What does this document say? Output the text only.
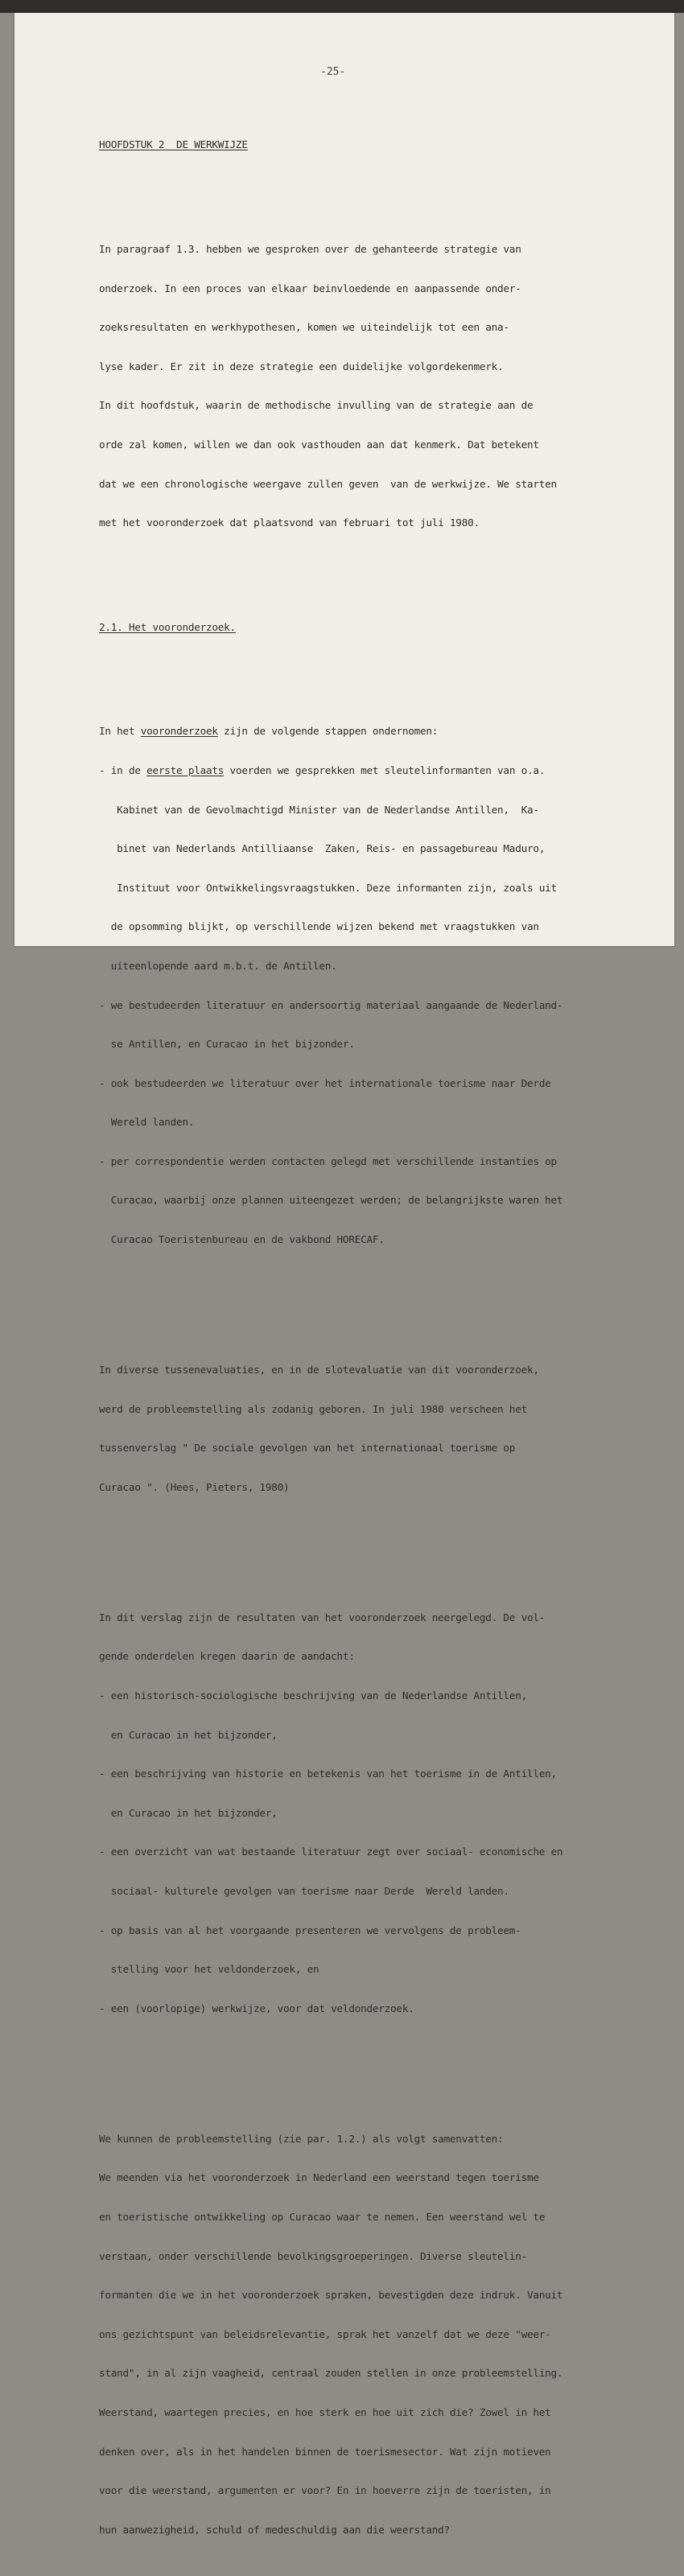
-25-

HOOFDSTUK 2  DE WERKWIJZE

In paragraaf 1.3. hebben we gesproken over de gehanteerde strategie van

onderzoek. In een proces van elkaar beinvloedende en aanpassende onder-

zoeksresultaten en werkhypothesen, komen we uiteindelijk tot een ana-

lyse kader. Er zit in deze strategie een duidelijke volgordekenmerk.

In dit hoofdstuk, waarin de methodische invulling van de strategie aan de

orde zal komen, willen we dan ook vasthouden aan dat kenmerk. Dat betekent

dat we een chronologische weergave zullen geven  van de werkwijze. We starten

met het vooronderzoek dat plaatsvond van februari tot juli 1980.

2.1. Het vooronderzoek.

In het vooronderzoek zijn de volgende stappen ondernomen:

- in de eerste plaats voerden we gesprekken met sleutelinformanten van o.a.

Kabinet van de Gevolmachtigd Minister van de Nederlandse Antillen,  Ka-

binet van Nederlands Antilliaanse  Zaken, Reis- en passagebureau Maduro,

Instituut voor Ontwikkelingsvraagstukken. Deze informanten zijn, zoals uit

de opsomming blijkt, op verschillende wijzen bekend met vraagstukken van

uiteenlopende aard m.b.t. de Antillen.

- we bestudeerden literatuur en andersoortig materiaal aangaande de Nederland-

se Antillen, en Curacao in het bijzonder.

- ook bestudeerden we literatuur over het internationale toerisme naar Derde

Wereld landen.

- per correspondentie werden contacten gelegd met verschillende instanties op

Curacao, waarbij onze plannen uiteengezet werden; de belangrijkste waren het

Curacao Toeristenbureau en de vakbond HORECAF.

In diverse tussenevaluaties, en in de slotevaluatie van dit vooronderzoek,

werd de probleemstelling als zodanig geboren. In juli 1980 verscheen het

tussenverslag " De sociale gevolgen van het internationaal toerisme op

Curacao ". (Hees, Pieters, 1980)

In dit verslag zijn de resultaten van het vooronderzoek neergelegd. De vol-

gende onderdelen kregen daarin de aandacht:

- een historisch-sociologische beschrijving van de Nederlandse Antillen,

en Curacao in het bijzonder,

- een beschrijving van historie en betekenis van het toerisme in de Antillen,

en Curacao in het bijzonder,

- een overzicht van wat bestaande literatuur zegt over sociaal- economische en

sociaal- kulturele gevolgen van toerisme naar Derde  Wereld landen.

- op basis van al het voorgaande presenteren we vervolgens de probleem-

stelling voor het veldonderzoek, en

- een (voorlopige) werkwijze, voor dat veldonderzoek.

We kunnen de probleemstelling (zie par. 1.2.) als volgt samenvatten:

We meenden via het vooronderzoek in Nederland een weerstand tegen toerisme

en toeristische ontwikkeling op Curacao waar te nemen. Een weerstand wel te

verstaan, onder verschillende bevolkingsgroeperingen. Diverse sleutelin-

formanten die we in het vooronderzoek spraken, bevestigden deze indruk. Vanuit

ons gezichtspunt van beleidsrelevantie, sprak het vanzelf dat we deze "weer-

stand", in al zijn vaagheid, centraal zouden stellen in onze probleemstelling.

Weerstand, waartegen precies, en hoe sterk en hoe uit zich die? Zowel in het

denken over, als in het handelen binnen de toerismesector. Wat zijn motieven

voor die weerstand, argumenten er voor? En in hoeverre zijn de toeristen, in

hun aanwezigheid, schuld of medeschuldig aan die weerstand?
